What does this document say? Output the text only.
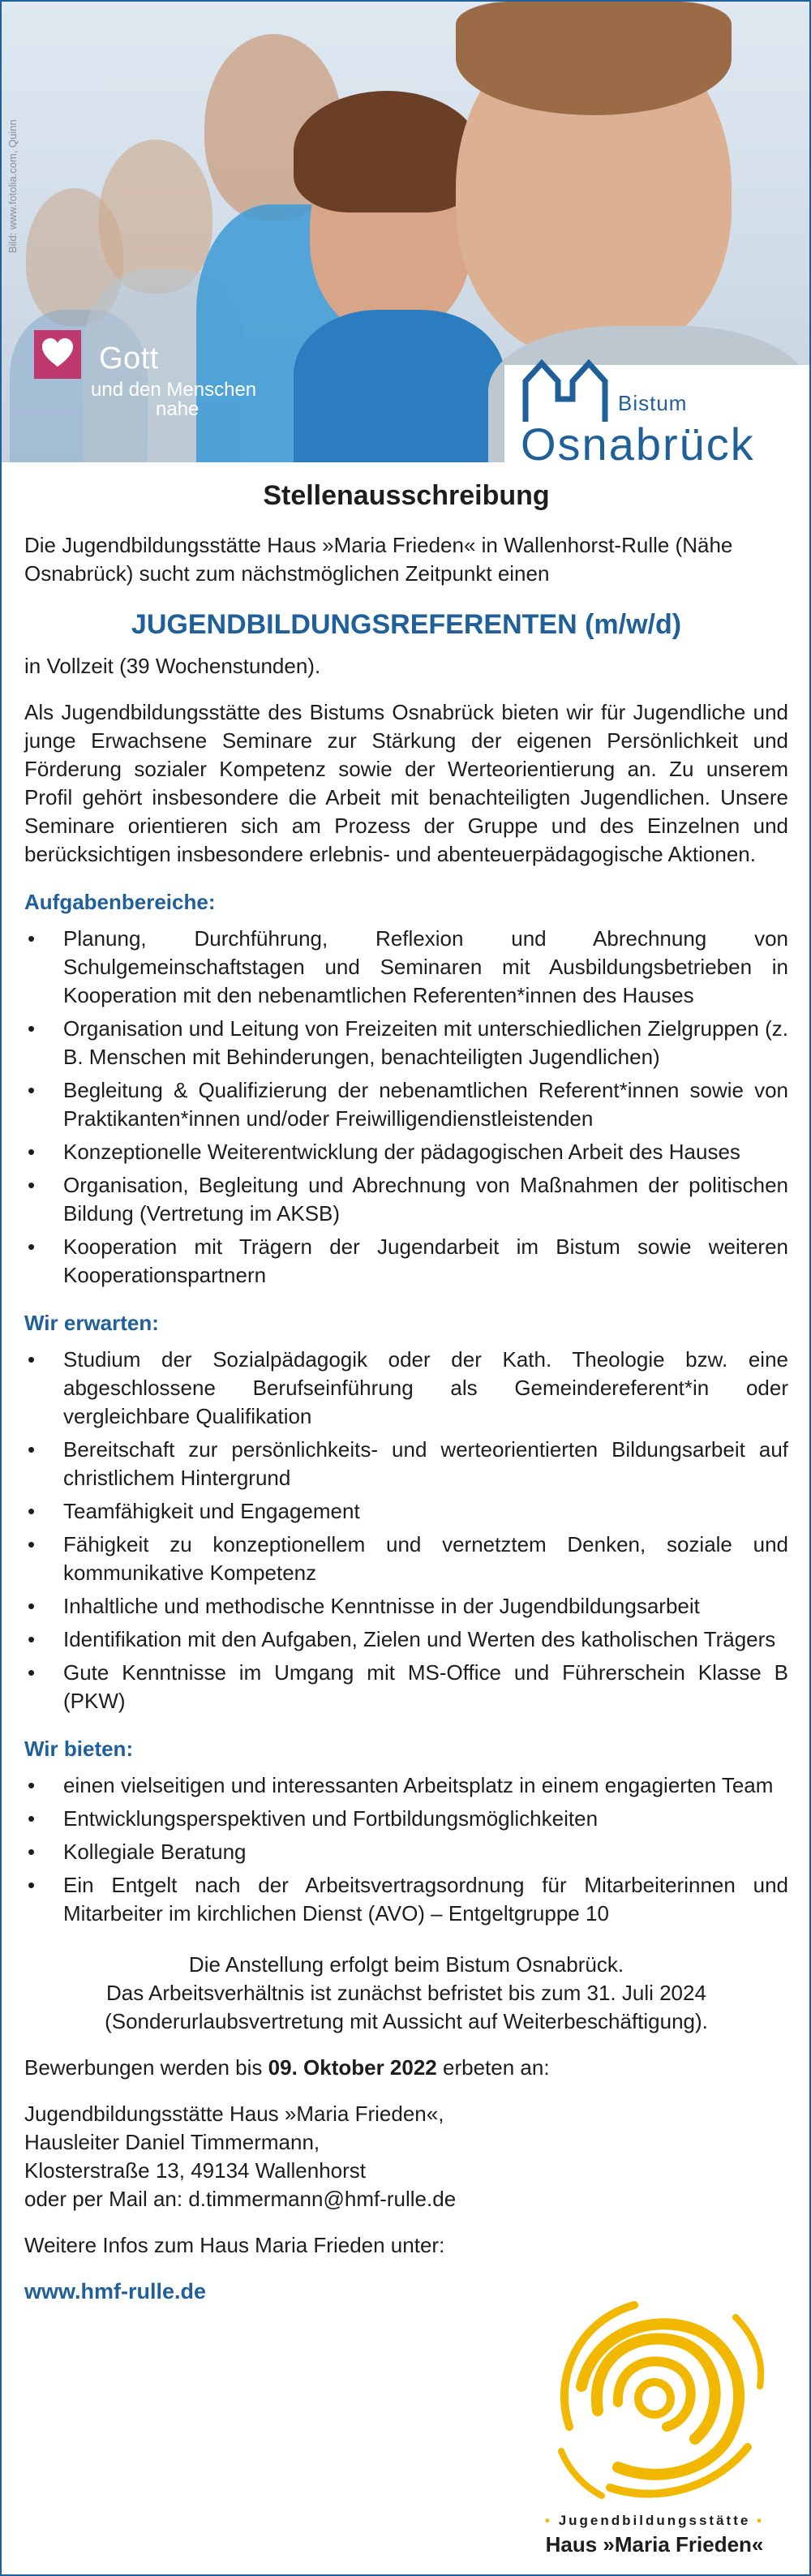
Bild: www.fotolia.com, Quinn
Gott
und den Menschen
nahe	Bistum
Osnabrück
Stellenausschreibung

Die Jugendbildungsstätte Haus »Maria Frieden« in Wallenhorst-Rulle (Nähe Osnabrück) sucht zum nächstmöglichen Zeitpunkt einen

JUGENDBILDUNGSREFERENTEN (m/w/d)

in Vollzeit (39 Wochenstunden).

Als Jugendbildungsstätte des Bistums Osnabrück bieten wir für Jugendliche und junge Erwachsene Seminare zur Stärkung der eigenen Persönlichkeit und Förderung sozialer Kompetenz sowie der Werteorientierung an. Zu unserem Profil gehört insbesondere die Arbeit mit benachteiligten Jugendlichen. Unsere Seminare orientieren sich am Prozess der Gruppe und des Einzelnen und berücksichtigen insbesondere erlebnis- und abenteuerpädagogische Aktionen.

Aufgabenbereiche:
• Planung, Durchführung, Reflexion und Abrechnung von Schulgemeinschaftstagen und Seminaren mit Ausbildungsbetrieben in Kooperation mit den nebenamtlichen Referenten*innen des Hauses
• Organisation und Leitung von Freizeiten mit unterschiedlichen Zielgruppen (z. B. Menschen mit Behinderungen, benachteiligten Jugendlichen)
• Begleitung & Qualifizierung der nebenamtlichen Referent*innen sowie von Praktikanten*innen und/oder Freiwilligendienstleistenden
• Konzeptionelle Weiterentwicklung der pädagogischen Arbeit des Hauses
• Organisation, Begleitung und Abrechnung von Maßnahmen der politischen Bildung (Vertretung im AKSB)
• Kooperation mit Trägern der Jugendarbeit im Bistum sowie weiteren Kooperationspartnern
Wir erwarten:
• Studium der Sozialpädagogik oder der Kath. Theologie bzw. eine abgeschlossene Berufseinführung als Gemeindereferent*in oder vergleichbare Qualifikation
• Bereitschaft zur persönlichkeits- und werteorientierten Bildungsarbeit auf christlichem Hintergrund
• Teamfähigkeit und Engagement
• Fähigkeit zu konzeptionellem und vernetztem Denken, soziale und kommunikative Kompetenz
• Inhaltliche und methodische Kenntnisse in der Jugendbildungsarbeit
• Identifikation mit den Aufgaben, Zielen und Werten des katholischen Trägers
• Gute Kenntnisse im Umgang mit MS-Office und Führerschein Klasse B (PKW)
Wir bieten:
• einen vielseitigen und interessanten Arbeitsplatz in einem engagierten Team
• Entwicklungsperspektiven und Fortbildungsmöglichkeiten
• Kollegiale Beratung
• Ein Entgelt nach der Arbeitsvertragsordnung für Mitarbeiterinnen und Mitarbeiter im kirchlichen Dienst (AVO) – Entgeltgruppe 10

Die Anstellung erfolgt beim Bistum Osnabrück.

Das Arbeitsverhältnis ist zunächst befristet bis zum 31. Juli 2024 (Sonderurlaubsvertretung mit Aussicht auf Weiterbeschäftigung).

Bewerbungen werden bis 09. Oktober 2022 erbeten an:

Jugendbildungsstätte Haus »Maria Frieden«,

Hausleiter Daniel Timmermann,

Klosterstraße 13, 49134 Wallenhorst

oder per Mail an: d.timmermann@hmf-rulle.de

Weitere Infos zum Haus Maria Frieden unter:

www.hmf-rulle.de
▪ Jugendbildungsstätte ▪
Haus »Maria Frieden«
